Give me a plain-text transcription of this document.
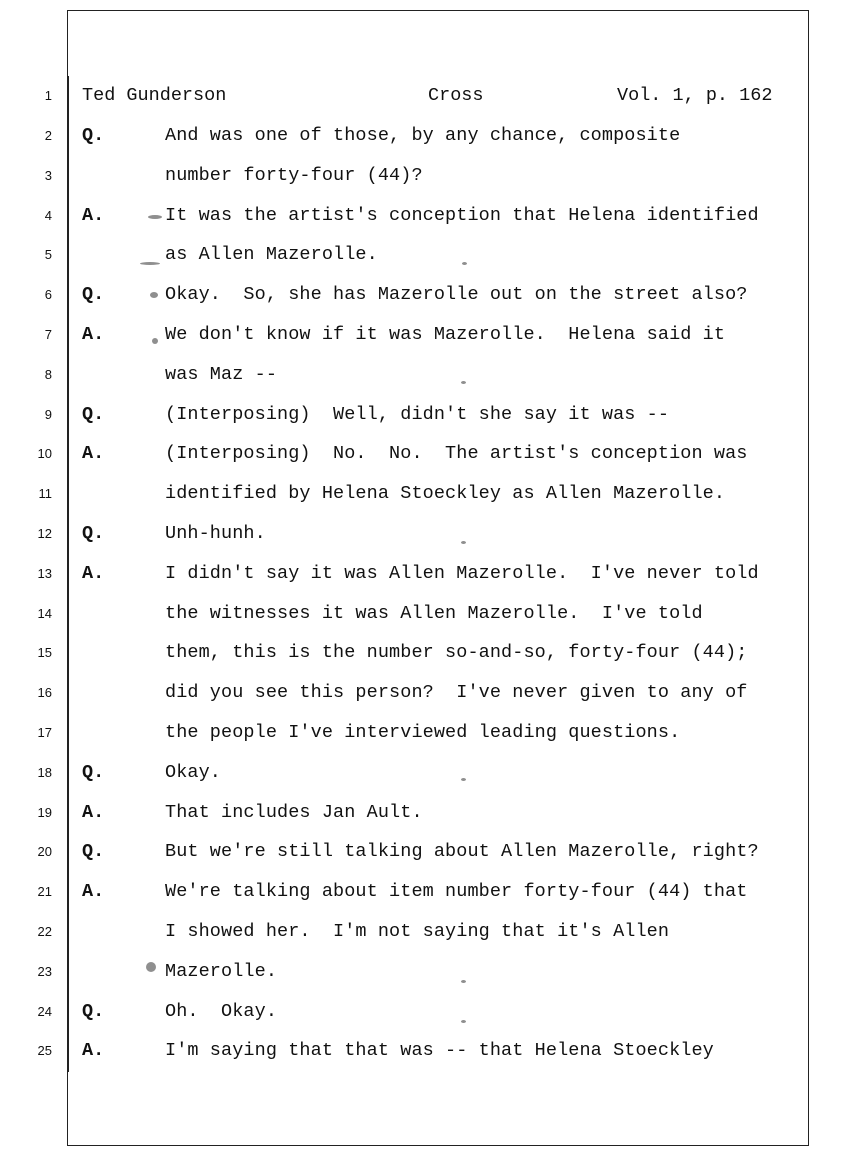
1 Ted Gunderson	Cross	Vol. 1, p. 162
2 Q.	And was one of those, by any chance, composite
3	number forty-four (44)?
4 A.	It was the artist's conception that Helena identified
5	as Allen Mazerolle.
6 Q.	Okay.  So, she has Mazerolle out on the street also?
7 A.	We don't know if it was Mazerolle.  Helena said it
8	was Maz --
9 Q.	(Interposing)  Well, didn't she say it was --
10 A.	(Interposing)  No.  No.  The artist's conception was
11	identified by Helena Stoeckley as Allen Mazerolle.
12 Q.	Unh-hunh.
13 A.	I didn't say it was Allen Mazerolle.  I've never told
14	the witnesses it was Allen Mazerolle.  I've told
15	them, this is the number so-and-so, forty-four (44);
16	did you see this person?  I've never given to any of
17	the people I've interviewed leading questions.
18 Q.	Okay.
19 A.	That includes Jan Ault.
20 Q.	But we're still talking about Allen Mazerolle, right?
21 A.	We're talking about item number forty-four (44) that
22	I showed her.  I'm not saying that it's Allen
23	Mazerolle.
24 Q.	Oh.  Okay.
25 A.	I'm saying that that was -- that Helena Stoeckley
